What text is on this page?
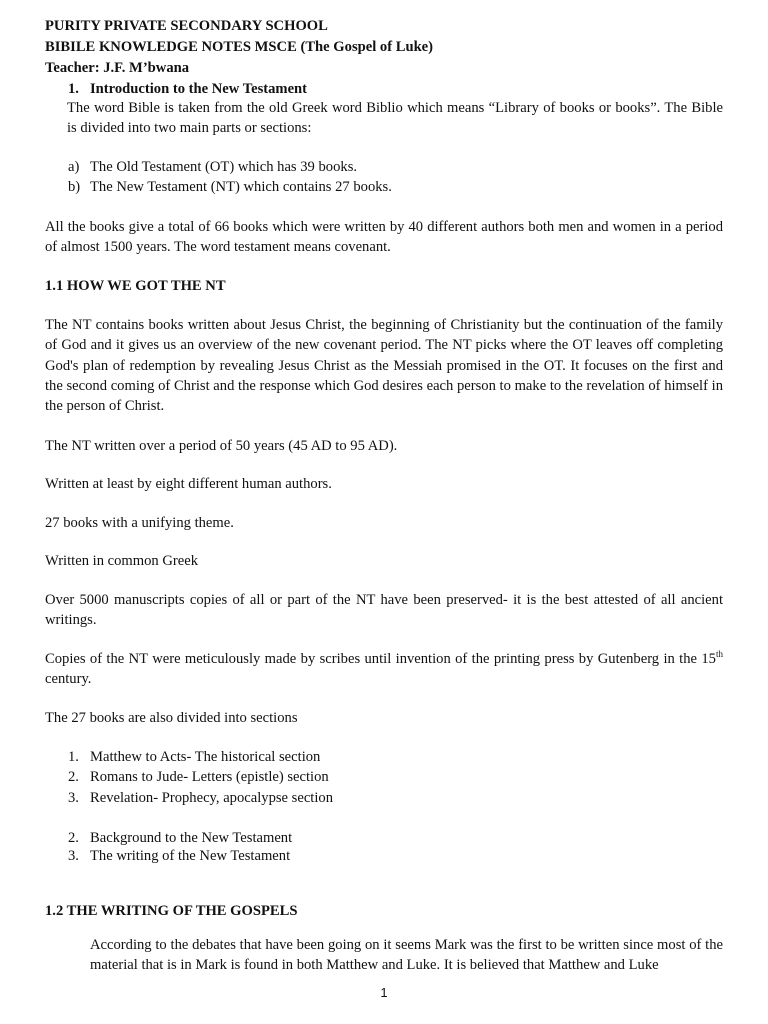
PURITY PRIVATE SECONDARY SCHOOL

BIBILE KNOWLEDGE NOTES MSCE (The Gospel of Luke)

Teacher: J.F. M’bwana

1. Introduction to the New Testament

The word Bible is taken from the old Greek word Biblio which means “Library of books or books”. The Bible is divided into two main parts or sections:

a) The Old Testament (OT) which has 39 books.

b) The New Testament (NT) which contains 27 books.

All the books give a total of 66 books which were written by 40 different authors both men and women in a period of almost 1500 years. The word testament means covenant.

1.1 HOW WE GOT THE NT

The NT contains books written about Jesus Christ, the beginning of Christianity but the continuation of the family of God and it gives us an overview of the new covenant period. The NT picks where the OT leaves off completing God's plan of redemption by revealing Jesus Christ as the Messiah promised in the OT. It focuses on the first and the second coming of Christ and the response which God desires each person to make to the revelation of himself in the person of Christ.

The NT written over a period of 50 years (45 AD to 95 AD).

Written at least by eight different human authors.

27 books with a unifying theme.

Written in common Greek

Over 5000 manuscripts copies of all or part of the NT have been preserved- it is the best attested of all ancient writings.

Copies of the NT were meticulously made by scribes until invention of the printing press by Gutenberg in the 15th century.

The 27 books are also divided into sections

1. Matthew to Acts- The historical section

2. Romans to Jude- Letters (epistle) section

3. Revelation- Prophecy, apocalypse section

2. Background to the New Testament

3. The writing of the New Testament

1.2 THE WRITING OF THE GOSPELS

According to the debates that have been going on it seems Mark was the first to be written since most of the material that is in Mark is found in both Matthew and Luke. It is believed that Matthew and Luke

1
